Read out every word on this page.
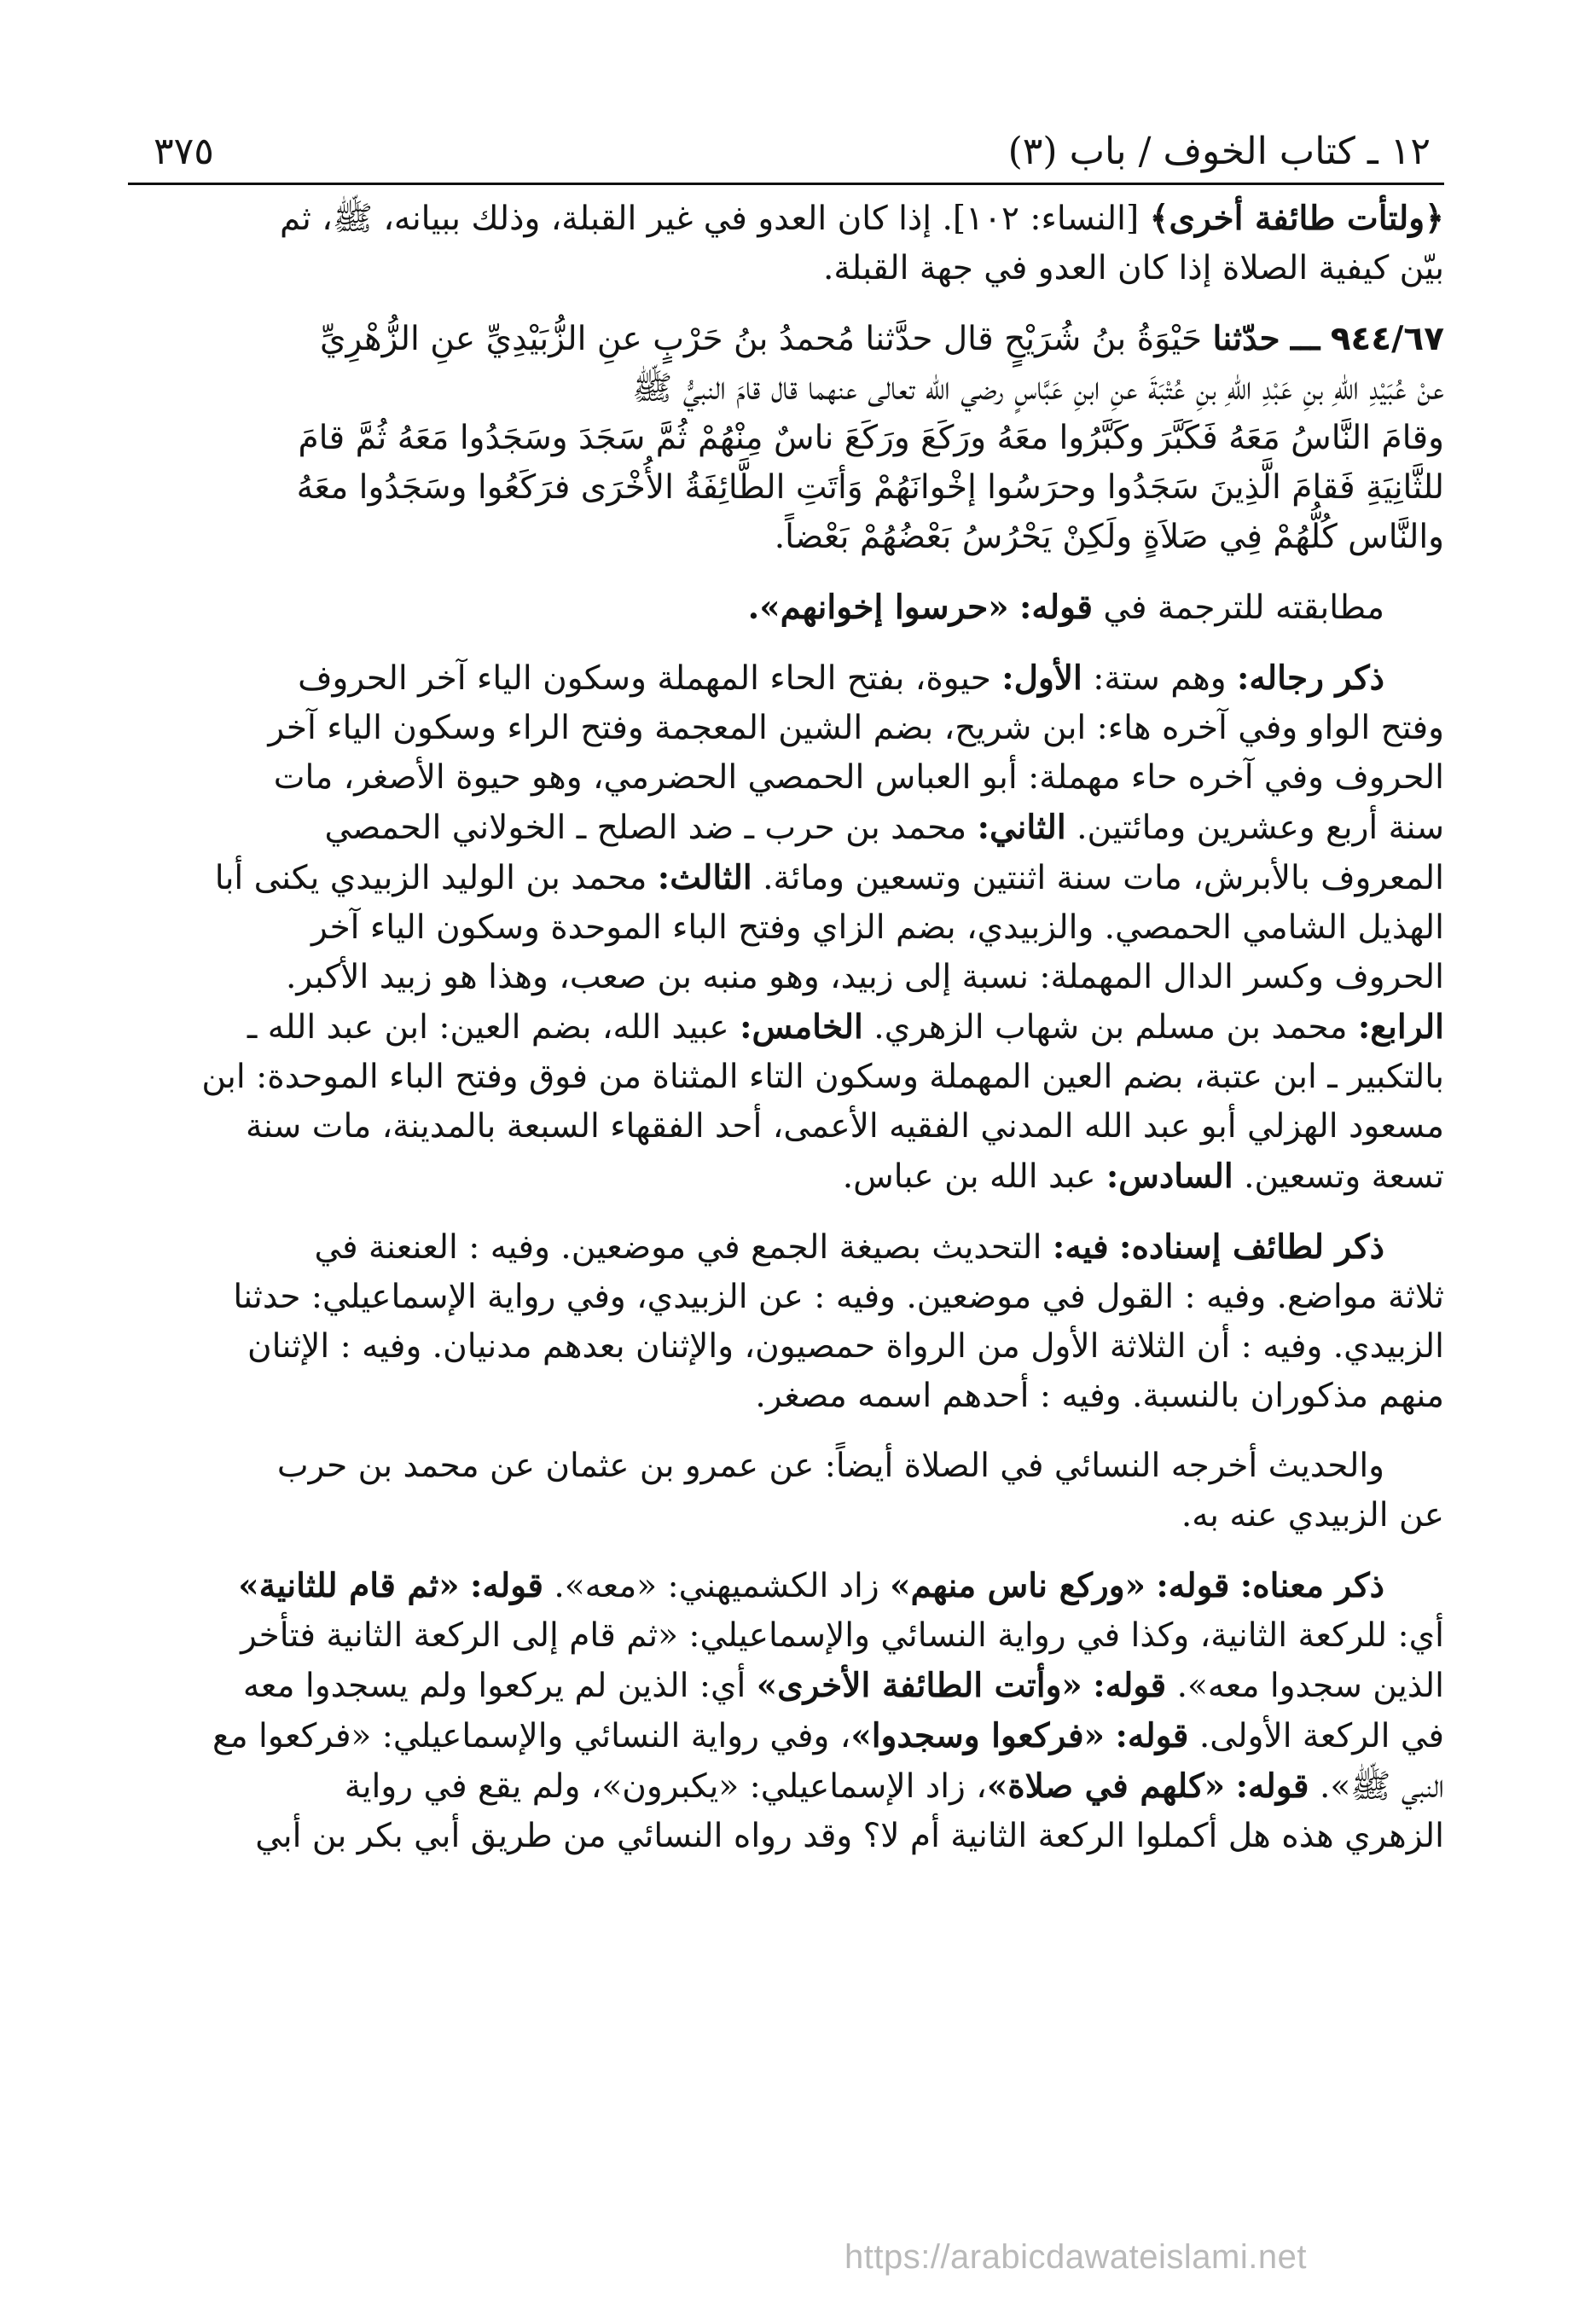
١٢ ـ كتاب الخوف / باب (٣)
٣٧٥

﴿ولتأت طائفة أخرى﴾ [النساء: ١٠٢]. إذا كان العدو في غير القبلة، وذلك ببيانه، ﷺ، ثم

بيّن كيفية الصلاة إذا كان العدو في جهة القبلة.

٩٤٤/٦٧ ـــ حدّثنا حَيْوَةُ بنُ شُرَيْحٍ قال حدَّثنا مُحمدُ بنُ حَرْبٍ عنِ الزُّبَيْدِيِّ عنِ الزُّهْرِيِّ

عنْ عُبَيْدِ اللهِ بنِ عَبْدِ اللهِ بنِ عُتْبَةَ عنِ ابنِ عَبَّاسٍ رضي الله تعالى عنهما قال قامَ النبيُّ ﷺ

وقامَ النَّاسُ مَعَهُ فَكَبَّرَ وكَبَّرُوا معَهُ ورَكَعَ ورَكَعَ ناسٌ مِنْهُمْ ثُمَّ سَجَدَ وسَجَدُوا مَعَهُ ثُمَّ قامَ

للثَّانِيَةِ فَقامَ الَّذِينَ سَجَدُوا وحرَسُوا إخْوانَهُمْ وَأتَتِ الطَّائِفَةُ الأُخْرَى فرَكَعُوا وسَجَدُوا معَهُ

والنَّاس كُلُّهُمْ فِي صَلاَةٍ ولَكِنْ يَحْرُسُ بَعْضُهُمْ بَعْضاً.

مطابقته للترجمة في قوله: «حرسوا إخوانهم».

ذكر رجاله: وهم ستة: الأول: حيوة، بفتح الحاء المهملة وسكون الياء آخر الحروف

وفتح الواو وفي آخره هاء: ابن شريح، بضم الشين المعجمة وفتح الراء وسكون الياء آخر

الحروف وفي آخره حاء مهملة: أبو العباس الحمصي الحضرمي، وهو حيوة الأصغر، مات

سنة أربع وعشرين ومائتين. الثاني: محمد بن حرب ـ ضد الصلح ـ الخولاني الحمصي

المعروف بالأبرش، مات سنة اثنتين وتسعين ومائة. الثالث: محمد بن الوليد الزبيدي يكنى أبا

الهذيل الشامي الحمصي. والزبيدي، بضم الزاي وفتح الباء الموحدة وسكون الياء آخر

الحروف وكسر الدال المهملة: نسبة إلى زبيد، وهو منبه بن صعب، وهذا هو زبيد الأكبر.

الرابع: محمد بن مسلم بن شهاب الزهري. الخامس: عبيد الله، بضم العين: ابن عبد الله ـ

بالتكبير ـ ابن عتبة، بضم العين المهملة وسكون التاء المثناة من فوق وفتح الباء الموحدة: ابن

مسعود الهزلي أبو عبد الله المدني الفقيه الأعمى، أحد الفقهاء السبعة بالمدينة، مات سنة

تسعة وتسعين. السادس: عبد الله بن عباس.

ذكر لطائف إسناده: فيه: التحديث بصيغة الجمع في موضعين. وفيه : العنعنة في

ثلاثة مواضع. وفيه : القول في موضعين. وفيه : عن الزبيدي، وفي رواية الإسماعيلي: حدثنا

الزبيدي. وفيه : أن الثلاثة الأول من الرواة حمصيون، والإثنان بعدهم مدنيان. وفيه : الإثنان

منهم مذكوران بالنسبة. وفيه : أحدهم اسمه مصغر.

والحديث أخرجه النسائي في الصلاة أيضاً: عن عمرو بن عثمان عن محمد بن حرب

عن الزبيدي عنه به.

ذكر معناه: قوله: «وركع ناس منهم» زاد الكشميهني: «معه». قوله: «ثم قام للثانية»

أي: للركعة الثانية، وكذا في رواية النسائي والإسماعيلي: «ثم قام إلى الركعة الثانية فتأخر

الذين سجدوا معه». قوله: «وأتت الطائفة الأخرى» أي: الذين لم يركعوا ولم يسجدوا معه

في الركعة الأولى. قوله: «فركعوا وسجدوا»، وفي رواية النسائي والإسماعيلي: «فركعوا مع

النبي ﷺ». قوله: «كلهم في صلاة»، زاد الإسماعيلي: «يكبرون»، ولم يقع في رواية

الزهري هذه هل أكملوا الركعة الثانية أم لا؟ وقد رواه النسائي من طريق أبي بكر بن أبي

https://arabicdawateislami.net
